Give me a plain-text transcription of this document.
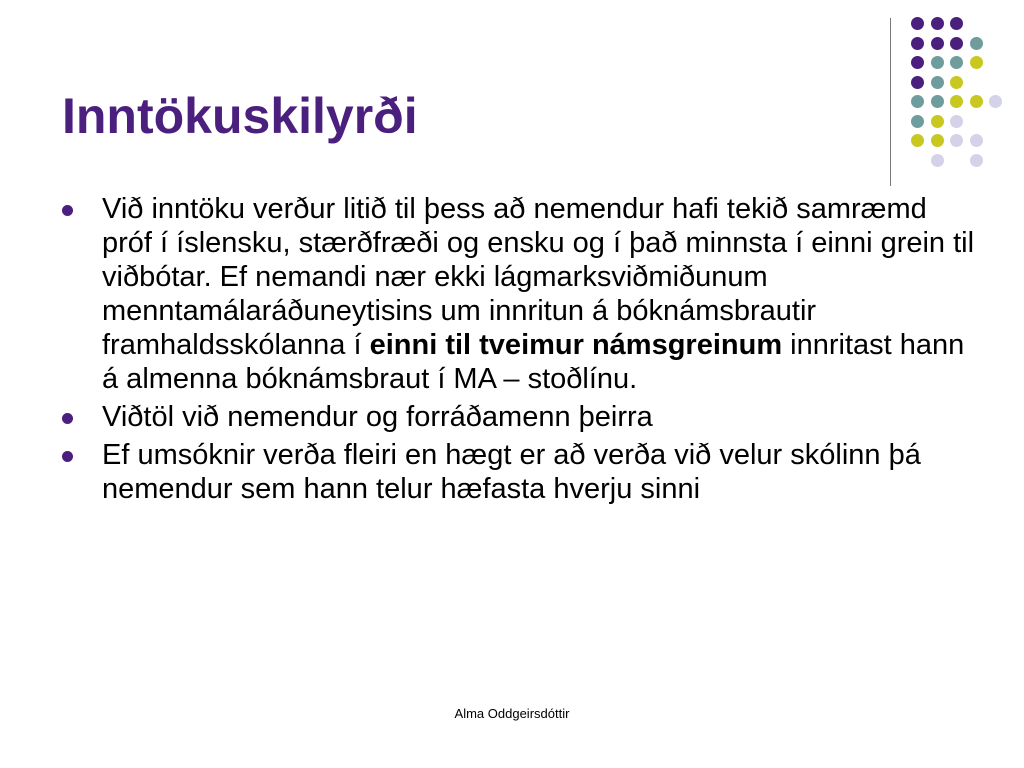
Inntökuskilyrði
Við inntöku verður litið til þess að nemendur hafi tekið samræmd próf í íslensku, stærðfræði og ensku og í það minnsta í einni grein til viðbótar. Ef nemandi nær ekki lágmarksviðmiðunum menntamálaráðuneytisins um innritun á bóknámsbrautir framhaldsskólanna í einni til tveimur námsgreinum innritast hann á almenna bóknámsbraut í MA – stoðlínu.
Viðtöl við nemendur og forráðamenn þeirra
Ef umsóknir verða fleiri en hægt er að verða við velur skólinn þá nemendur sem hann telur hæfasta hverju sinni
Alma Oddgeirsdóttir
